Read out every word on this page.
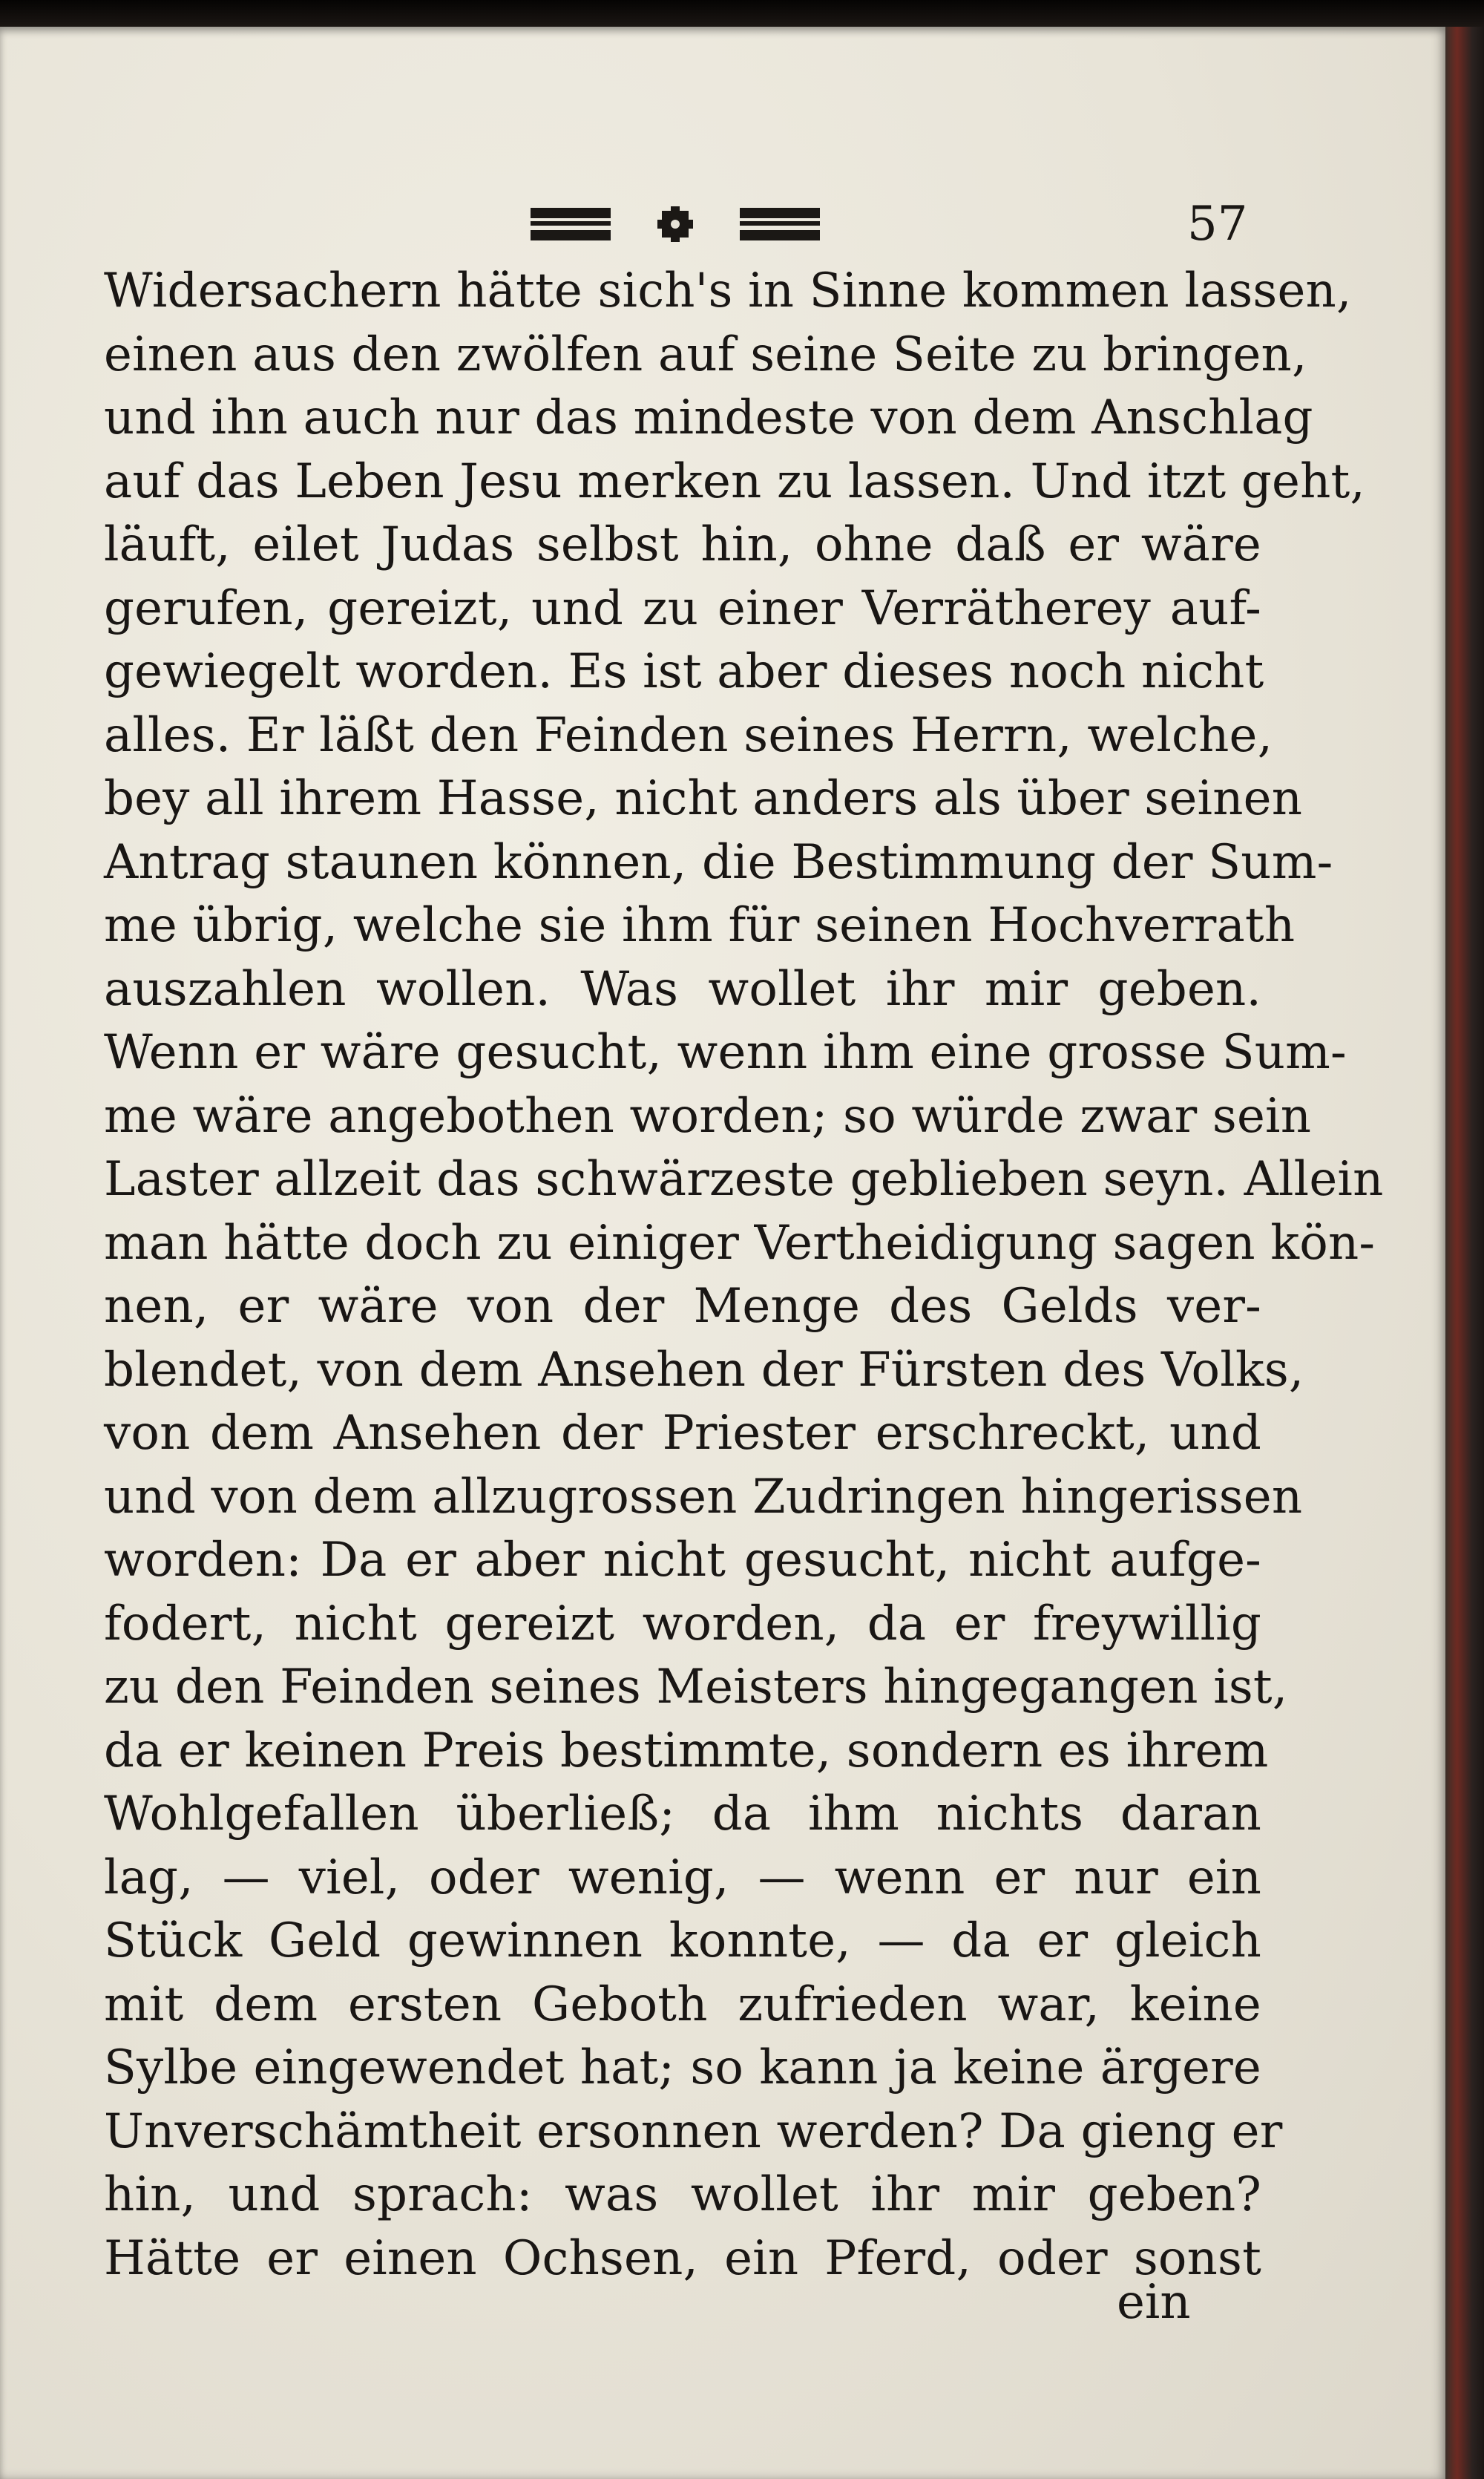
57
Widersachern hätte sich's in Sinne kommen lassen,
einen aus den zwölfen auf seine Seite zu bringen,
und ihn auch nur das mindeste von dem Anschlag
auf das Leben Jesu merken zu lassen. Und itzt geht,
läuft, eilet Judas selbst hin, ohne daß er wäre
gerufen, gereizt, und zu einer Verrätherey auf-
gewiegelt worden. Es ist aber dieses noch nicht
alles. Er läßt den Feinden seines Herrn, welche,
bey all ihrem Hasse, nicht anders als über seinen
Antrag staunen können, die Bestimmung der Sum-
me übrig, welche sie ihm für seinen Hochverrath
auszahlen wollen. Was wollet ihr mir geben.
Wenn er wäre gesucht, wenn ihm eine grosse Sum-
me wäre angebothen worden; so würde zwar sein
Laster allzeit das schwärzeste geblieben seyn. Allein
man hätte doch zu einiger Vertheidigung sagen kön-
nen, er wäre von der Menge des Gelds ver-
blendet, von dem Ansehen der Fürsten des Volks,
von dem Ansehen der Priester erschreckt, und
und von dem allzugrossen Zudringen hingerissen
worden: Da er aber nicht gesucht, nicht aufge-
fodert, nicht gereizt worden, da er freywillig
zu den Feinden seines Meisters hingegangen ist,
da er keinen Preis bestimmte, sondern es ihrem
Wohlgefallen überließ; da ihm nichts daran
lag, — viel, oder wenig, — wenn er nur ein
Stück Geld gewinnen konnte, — da er gleich
mit dem ersten Geboth zufrieden war, keine
Sylbe eingewendet hat; so kann ja keine ärgere
Unverschämtheit ersonnen werden? Da gieng er
hin, und sprach: was wollet ihr mir geben?
Hätte er einen Ochsen, ein Pferd, oder sonst
ein
